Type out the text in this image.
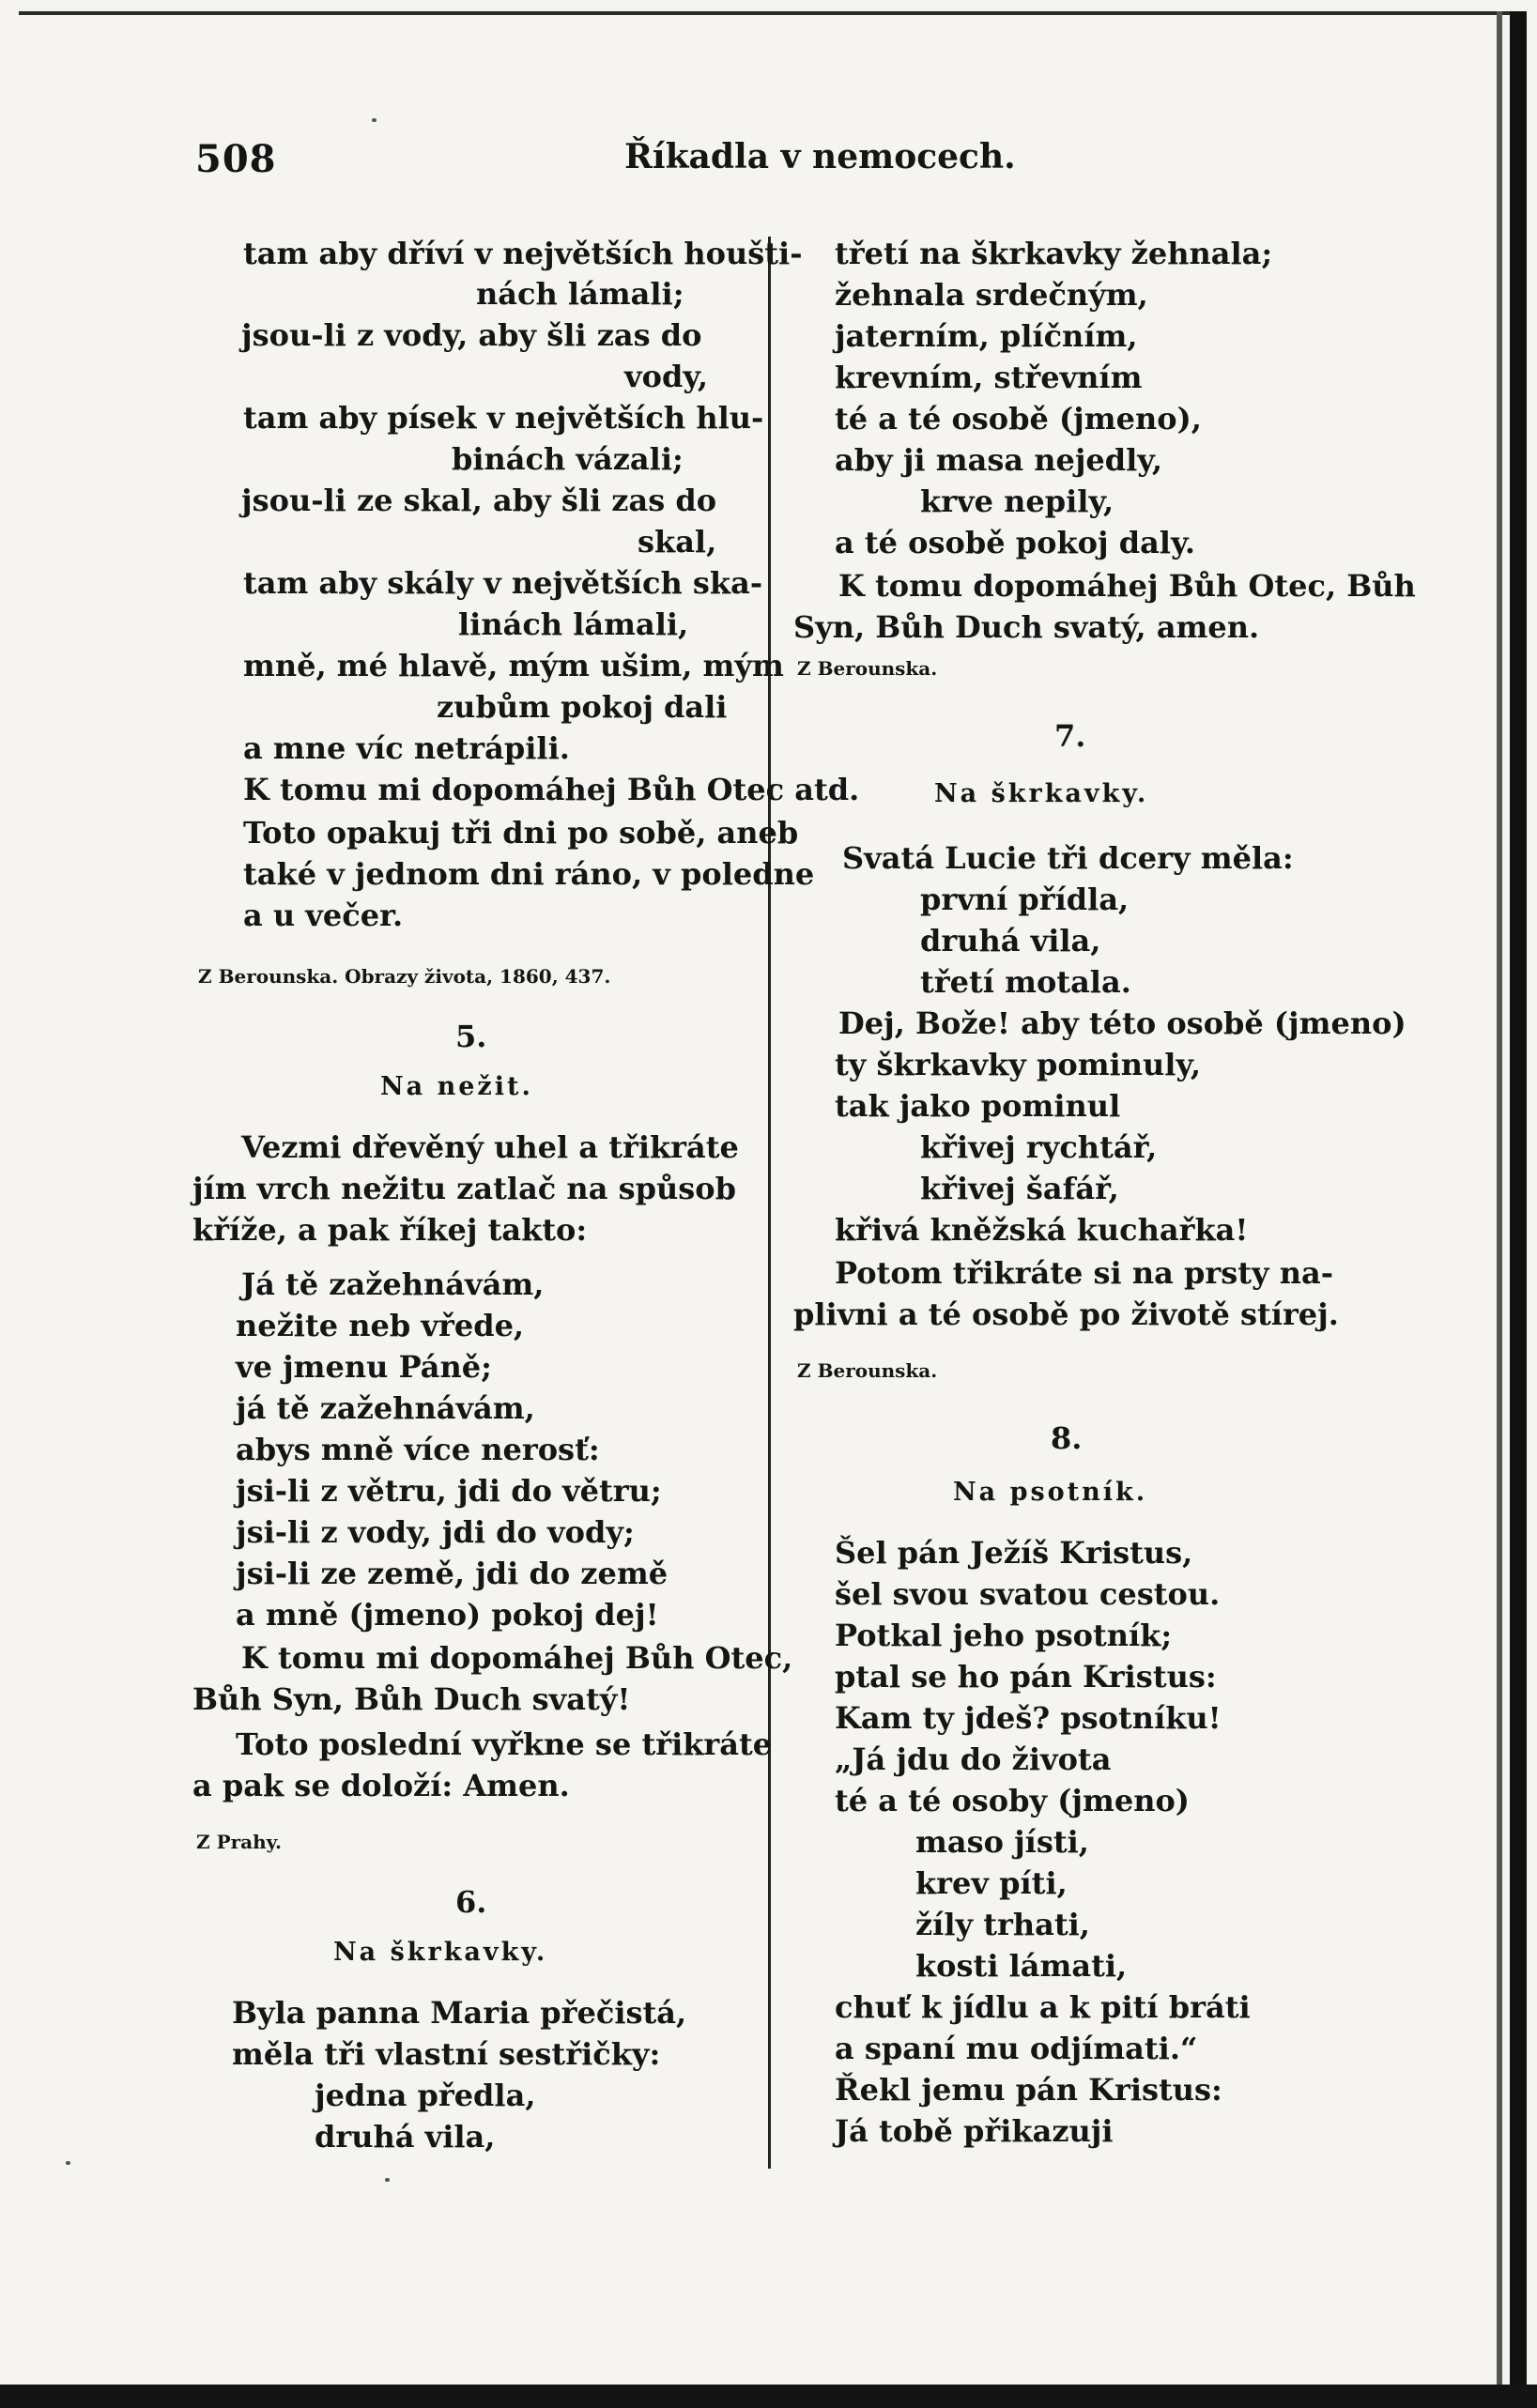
508	Říkadla v nemocech.
tam aby dříví v největších houšti-
nách lámali;
jsou-li z vody, aby šli zas do
vody,
tam aby písek v největších hlu-
binách vázali;
jsou-li ze skal, aby šli zas do
skal,
tam aby skály v největších ska-
linách lámali,
mně, mé hlavě, mým ušim, mým
zubům pokoj dali
a mne víc netrápili.
K tomu mi dopomáhej Bůh Otec atd.
Toto opakuj tři dni po sobě, aneb
také v jednom dni ráno, v poledne
a u večer.
Z Berounska. Obrazy života, 1860, 437.
5.
Na nežit.
Vezmi dřevěný uhel a třikráte
jím vrch nežitu zatlač na spůsob
kříže, a pak říkej takto:
Já tě zažehnávám,
nežite neb vřede,
ve jmenu Páně;
já tě zažehnávám,
abys mně více nerosť:
jsi-li z větru, jdi do větru;
jsi-li z vody, jdi do vody;
jsi-li ze země, jdi do země
a mně (jmeno) pokoj dej!
K tomu mi dopomáhej Bůh Otec,
Bůh Syn, Bůh Duch svatý!
Toto poslední vyřkne se třikráte
a pak se doloží: Amen.
Z Prahy.
6.
Na škrkavky.
Byla panna Maria přečistá,
měla tři vlastní sestřičky:
jedna předla,
druhá vila,
třetí na škrkavky žehnala;
žehnala srdečným,
jaterním, plíčním,
krevním, střevním
té a té osobě (jmeno),
aby ji masa nejedly,
krve nepily,
a té osobě pokoj daly.
K tomu dopomáhej Bůh Otec, Bůh
Syn, Bůh Duch svatý, amen.
Z Berounska.
7.
Na škrkavky.
Svatá Lucie tři dcery měla:
první přídla,
druhá vila,
třetí motala.
Dej, Bože! aby této osobě (jmeno)
ty škrkavky pominuly,
tak jako pominul
křivej rychtář,
křivej šafář,
křivá kněžská kuchařka!
Potom třikráte si na prsty na-
plivni a té osobě po životě stírej.
Z Berounska.
8.
Na psotník.
Šel pán Ježíš Kristus,
šel svou svatou cestou.
Potkal jeho psotník;
ptal se ho pán Kristus:
Kam ty jdeš? psotníku!
„Já jdu do života
té a té osoby (jmeno)
maso jísti,
krev píti,
žíly trhati,
kosti lámati,
chuť k jídlu a k pití bráti
a spaní mu odjímati.“
Řekl jemu pán Kristus:
Já tobě přikazuji
